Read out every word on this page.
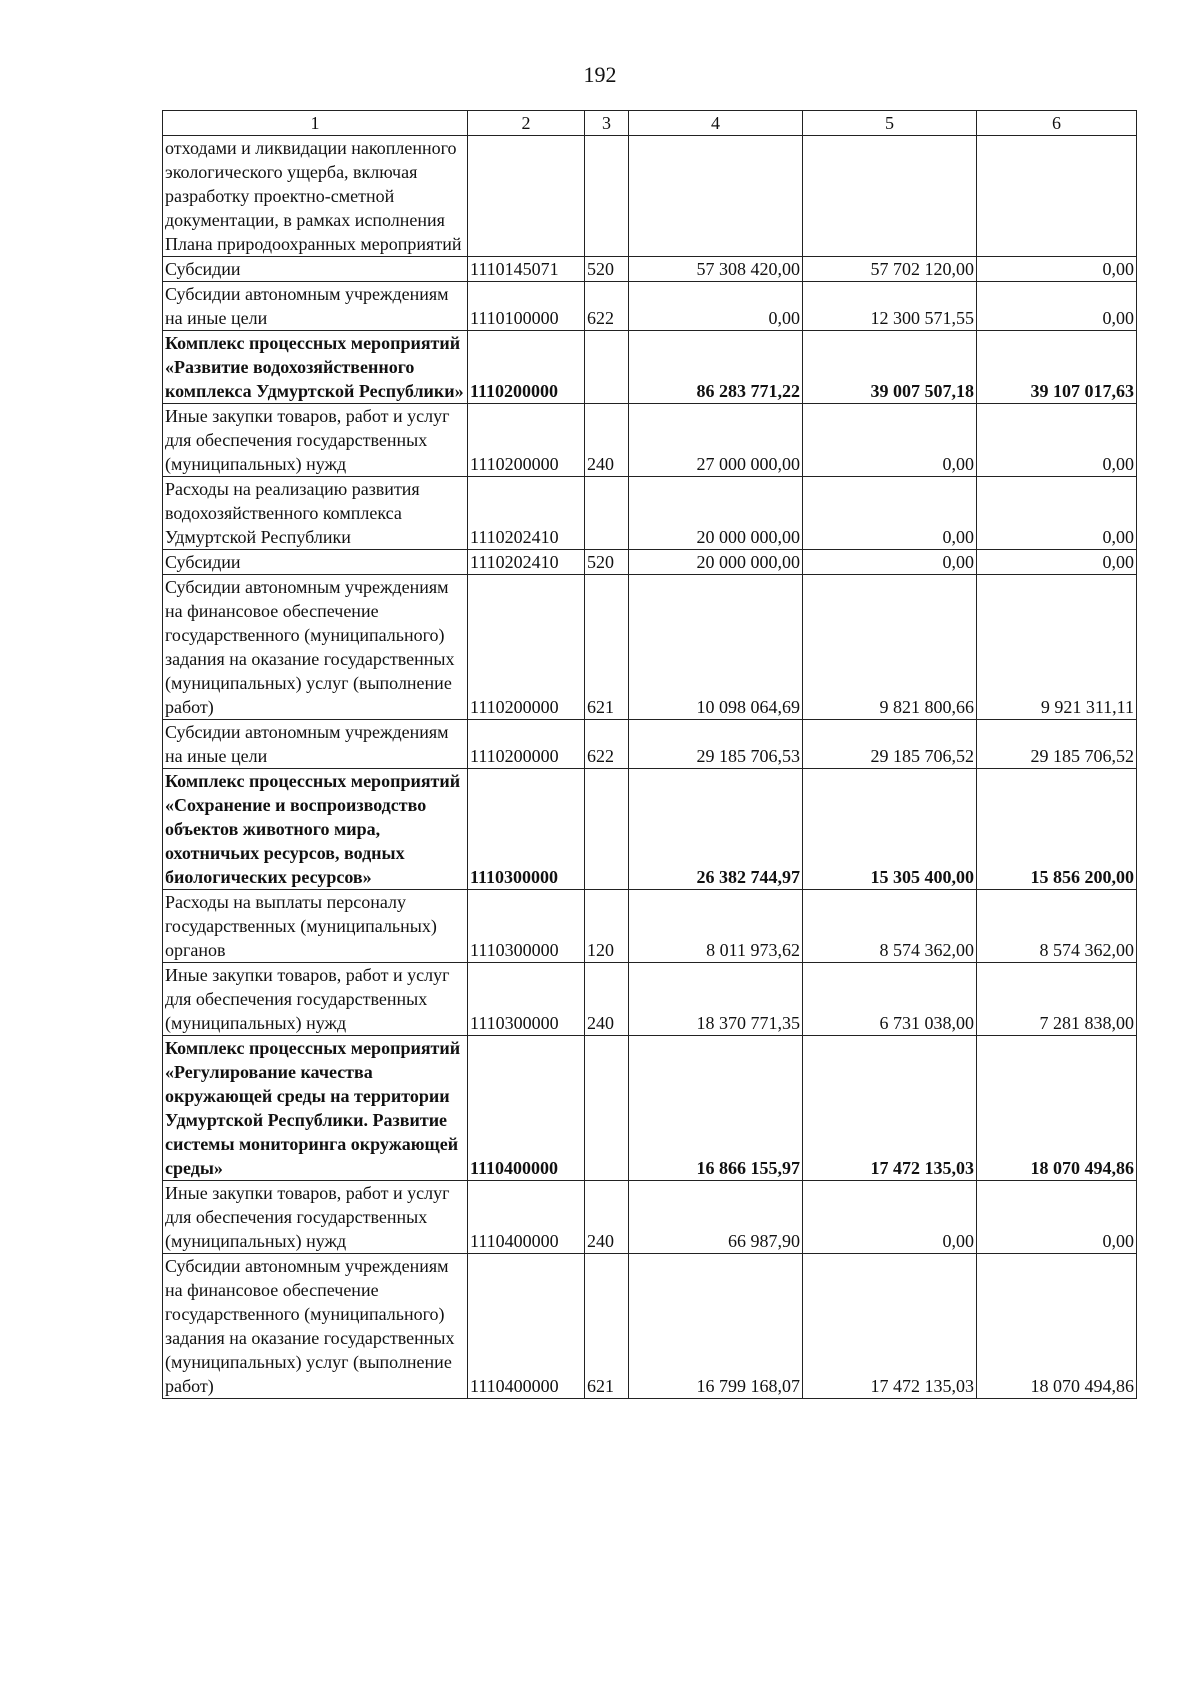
192
1	2	3	4	5	6
отходами и ликвидации накопленного экологического ущерба, включая разработку проектно-сметной документации, в рамках исполнения Плана природоохранных мероприятий					
Субсидии	1110145071	520	57 308 420,00	57 702 120,00	0,00
Субсидии автономным учреждениям на иные цели	1110100000	622	0,00	12 300 571,55	0,00
Комплекс процессных мероприятий «Развитие водохозяйственного комплекса Удмуртской Республики»	1110200000		86 283 771,22	39 007 507,18	39 107 017,63
Иные закупки товаров, работ и услуг для обеспечения государственных (муниципальных) нужд	1110200000	240	27 000 000,00	0,00	0,00
Расходы на реализацию развития водохозяйственного комплекса Удмуртской Республики	1110202410		20 000 000,00	0,00	0,00
Субсидии	1110202410	520	20 000 000,00	0,00	0,00
Субсидии автономным учреждениям на финансовое обеспечение государственного (муниципального) задания на оказание государственных (муниципальных) услуг (выполнение работ)	1110200000	621	10 098 064,69	9 821 800,66	9 921 311,11
Субсидии автономным учреждениям на иные цели	1110200000	622	29 185 706,53	29 185 706,52	29 185 706,52
Комплекс процессных мероприятий «Сохранение и воспроизводство объектов животного мира, охотничьих ресурсов, водных биологических ресурсов»	1110300000		26 382 744,97	15 305 400,00	15 856 200,00
Расходы на выплаты персоналу государственных (муниципальных) органов	1110300000	120	8 011 973,62	8 574 362,00	8 574 362,00
Иные закупки товаров, работ и услуг для обеспечения государственных (муниципальных) нужд	1110300000	240	18 370 771,35	6 731 038,00	7 281 838,00
Комплекс процессных мероприятий «Регулирование качества окружающей среды на территории Удмуртской Республики. Развитие системы мониторинга окружающей среды»	1110400000		16 866 155,97	17 472 135,03	18 070 494,86
Иные закупки товаров, работ и услуг для обеспечения государственных (муниципальных) нужд	1110400000	240	66 987,90	0,00	0,00
Субсидии автономным учреждениям на финансовое обеспечение государственного (муниципального) задания на оказание государственных (муниципальных) услуг (выполнение работ)	1110400000	621	16 799 168,07	17 472 135,03	18 070 494,86
